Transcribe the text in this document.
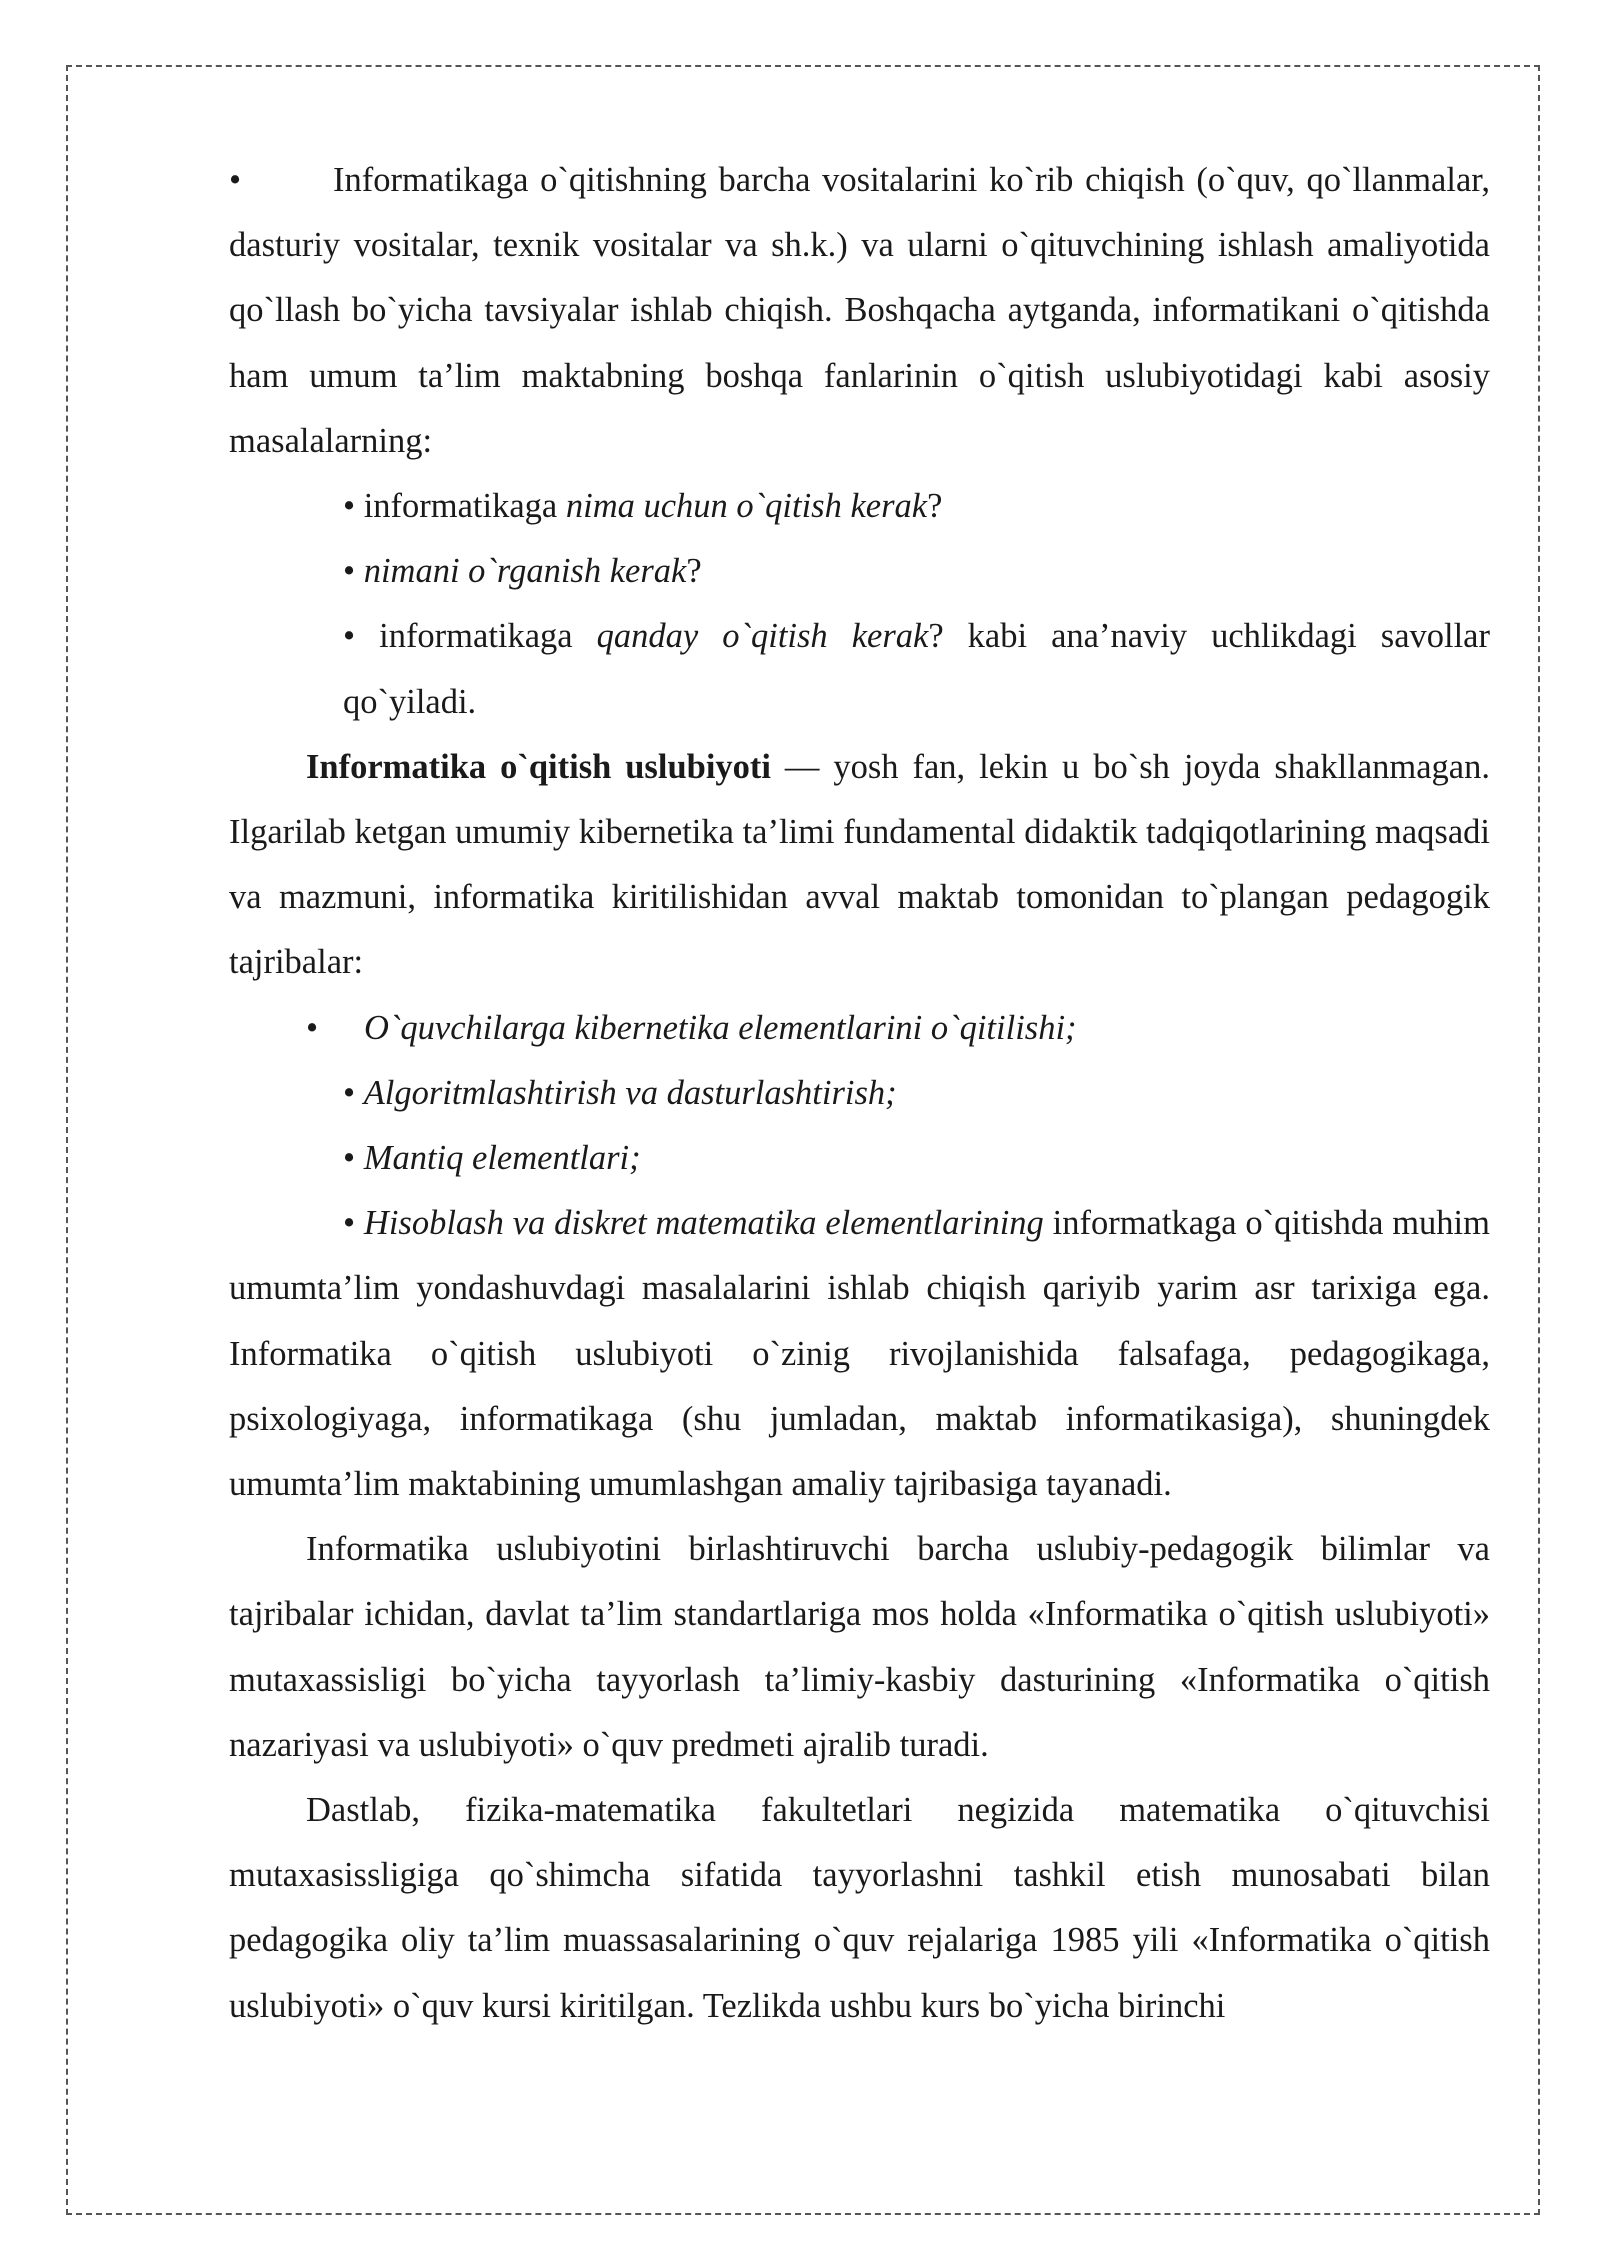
•	Informatikaga o`qitishning barcha vositalarini ko`rib chiqish (o`quv, qo`llanmalar, dasturiy vositalar, texnik vositalar va sh.k.) va ularni o`qituvchining ishlash amaliyotida qo`llash bo`yicha tavsiyalar ishlab chiqish. Boshqacha aytganda, informatikani o`qitishda ham umum ta’lim maktabning boshqa fanlarinin o`qitish uslubiyotidagi kabi asosiy masalalarning:

• informatikaga nima uchun o`qitish kerak?

• nimani o`rganish kerak?

• informatikaga qanday o`qitish kerak? kabi ana’naviy uchlikdagi savollar qo`yiladi.

Informatika o`qitish uslubiyoti — yosh fan, lekin u bo`sh joyda shakllanmagan. Ilgarilab ketgan umumiy kibernetika ta’limi fundamental didaktik tadqiqotlarining maqsadi va mazmuni, informatika kiritilishidan avval maktab tomonidan to`plangan pedagogik tajribalar:

• O`quvchilarga kibernetika elementlarini o`qitilishi;

• Algoritmlashtirish va dasturlashtirish;

• Mantiq elementlari;

• Hisoblash va diskret matematika elementlarining informatkaga o`qitishda muhim umumta’lim yondashuvdagi masalalarini ishlab chiqish qariyib yarim asr tarixiga ega. Informatika o`qitish uslubiyoti o`zinig rivojlanishida falsafaga, pedagogikaga, psixologiyaga, informatikaga (shu jumladan, maktab informatikasiga), shuningdek umumta’lim maktabining umumlashgan amaliy tajribasiga tayanadi.

Informatika uslubiyotini birlashtiruvchi barcha uslubiy-pedagogik bilimlar va tajribalar ichidan, davlat ta’lim standartlariga mos holda «Informatika o`qitish uslubiyoti» mutaxassisligi bo`yicha tayyorlash ta’limiy-kasbiy dasturining «Informatika o`qitish nazariyasi va uslubiyoti» o`quv predmeti ajralib turadi.

Dastlab, fizika-matematika fakultetlari negizida matematika o`qituvchisi mutaxasissligiga qo`shimcha sifatida tayyorlashni tashkil etish munosabati bilan pedagogika oliy ta’lim muassasalarining o`quv rejalariga 1985 yili «Informatika o`qitish uslubiyoti» o`quv kursi kiritilgan. Tezlikda ushbu kurs bo`yicha birinchi
